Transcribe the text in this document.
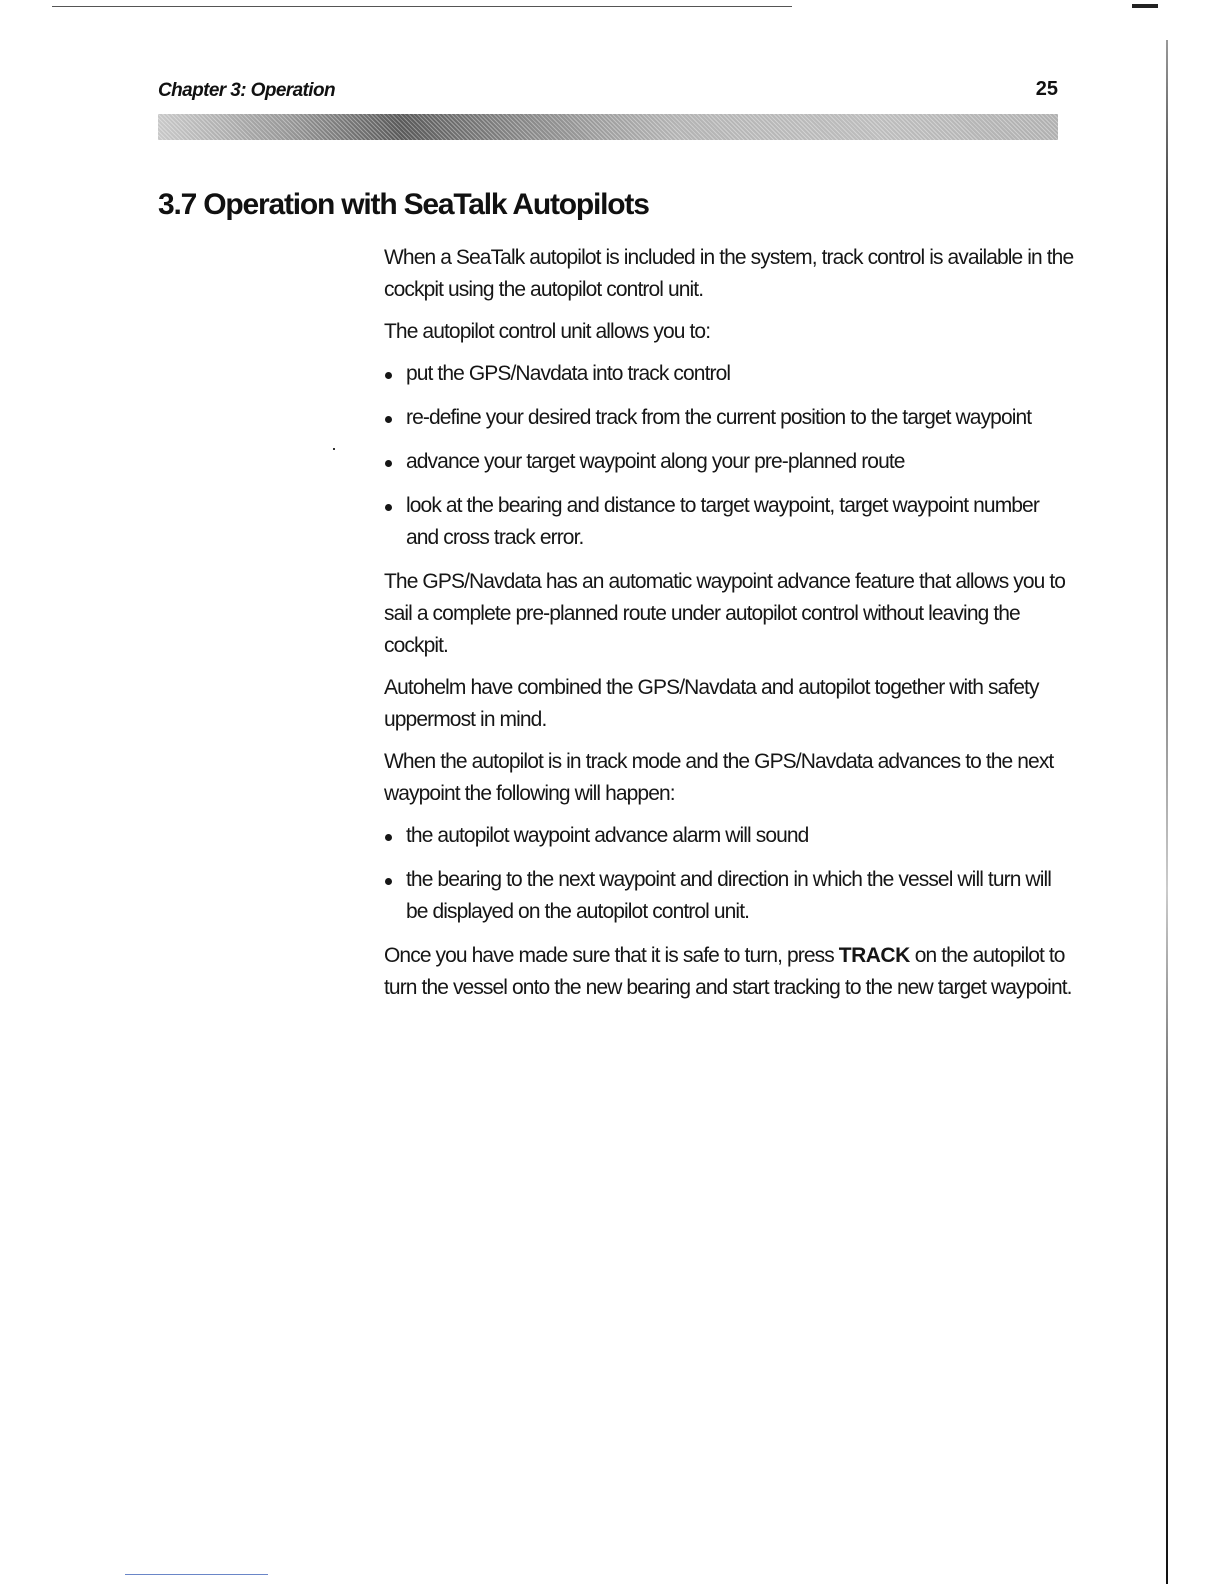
Chapter 3: Operation	25
3.7 Operation with SeaTalk Autopilots

When a SeaTalk autopilot is included in the system, track control is available in the cockpit using the autopilot control unit.

The autopilot control unit allows you to:

put the GPS/Navdata into track control
re-define your desired track from the current position to the target waypoint
advance your target waypoint along your pre-planned route
look at the bearing and distance to target waypoint, target waypoint number and cross track error.

The GPS/Navdata has an automatic waypoint advance feature that allows you to sail a complete pre-planned route under autopilot control without leaving the cockpit.

Autohelm have combined the GPS/Navdata and autopilot together with safety uppermost in mind.

When the autopilot is in track mode and the GPS/Navdata advances to the next waypoint the following will happen:

the autopilot waypoint advance alarm will sound
the bearing to the next waypoint and direction in which the vessel will turn will be displayed on the autopilot control unit.

Once you have made sure that it is safe to turn, press TRACK on the autopilot to turn the vessel onto the new bearing and start tracking to the new target waypoint.
